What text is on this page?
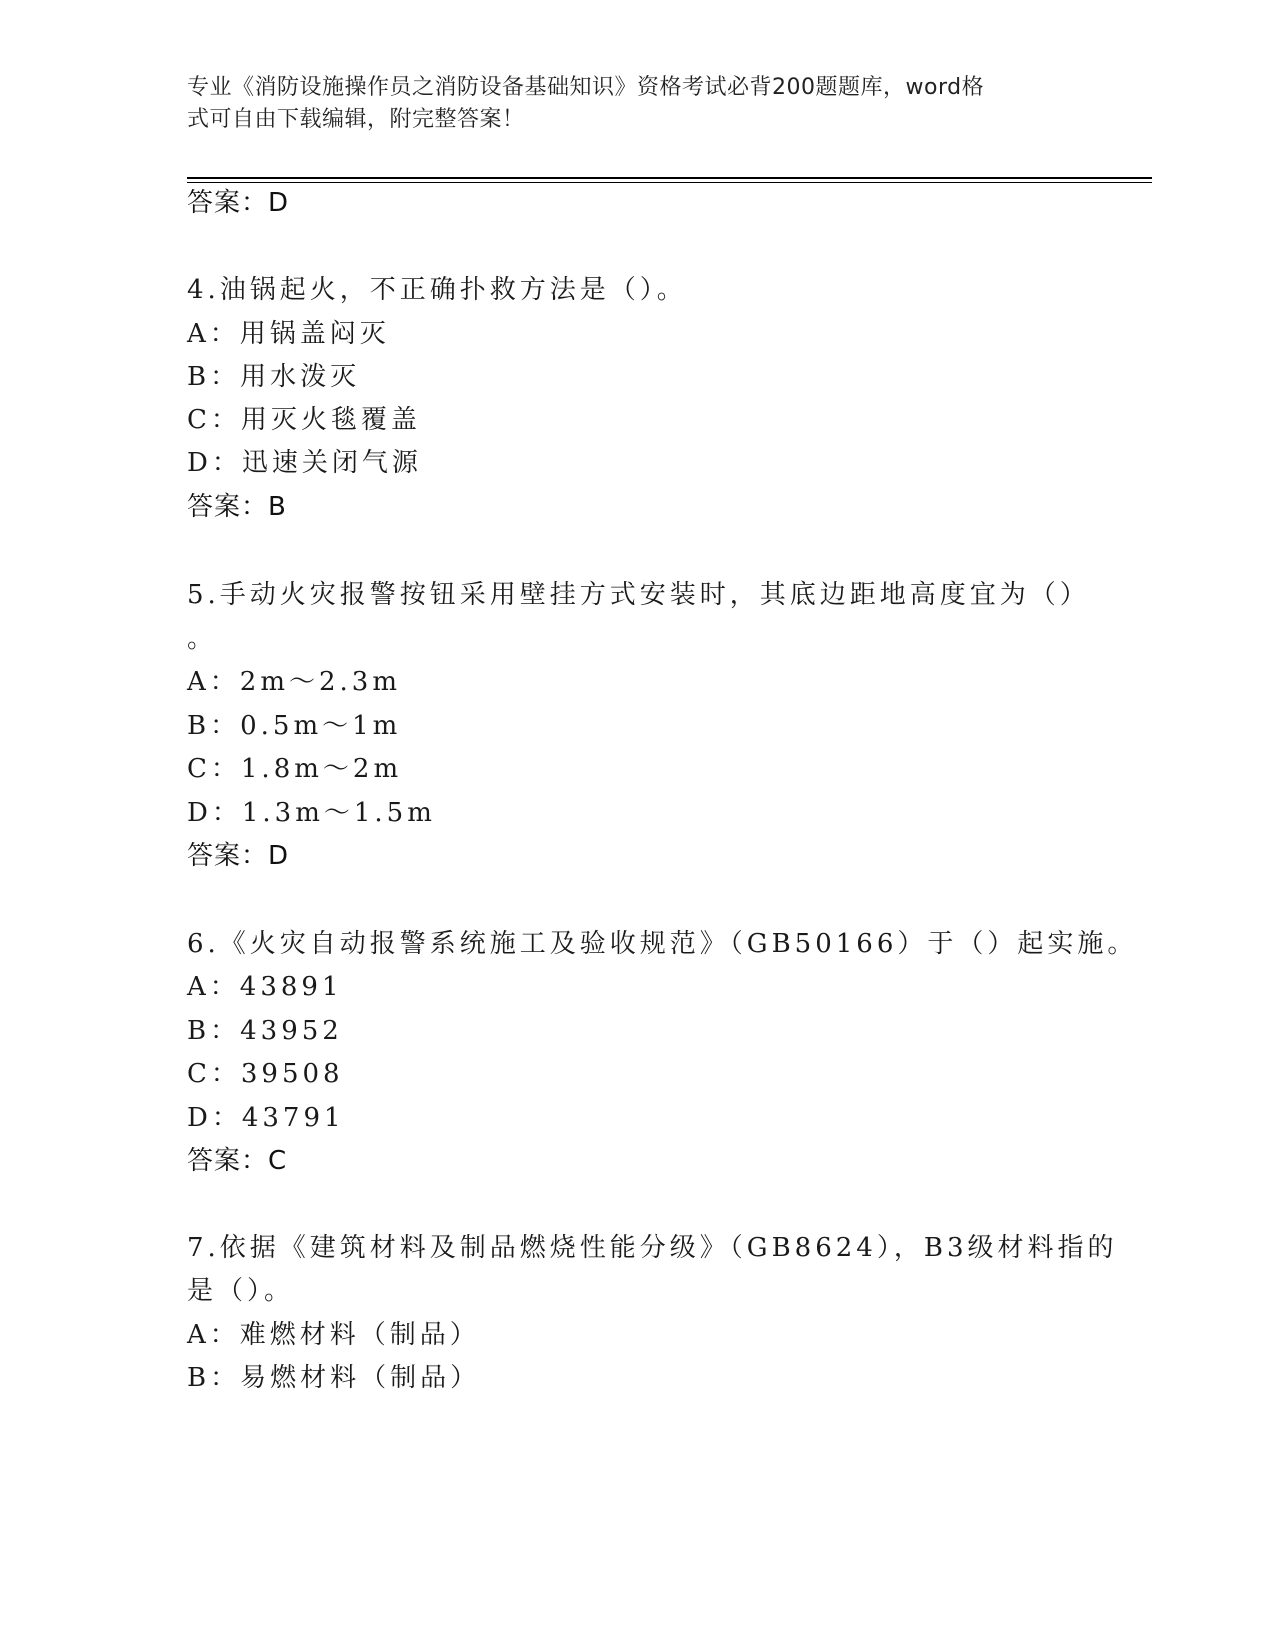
专业《消防设施操作员之消防设备基础知识》资格考试必背200题题库，word格
式可自由下载编辑，附完整答案！
答案：D
4.油锅起火，不正确扑救方法是（）。
A：用锅盖闷灭
B：用水泼灭
C：用灭火毯覆盖
D：迅速关闭气源
答案：B
5.手动火灾报警按钮采用壁挂方式安装时，其底边距地高度宜为（）
。
A：2m～2.3m
B：0.5m～1m
C：1.8m～2m
D：1.3m～1.5m
答案：D
6.《火灾自动报警系统施工及验收规范》（GB50166）于（）起实施。
A：43891
B：43952
C：39508
D：43791
答案：C
7.依据《建筑材料及制品燃烧性能分级》（GB8624），B3级材料指的
是（）。
A：难燃材料（制品）
B：易燃材料（制品）
